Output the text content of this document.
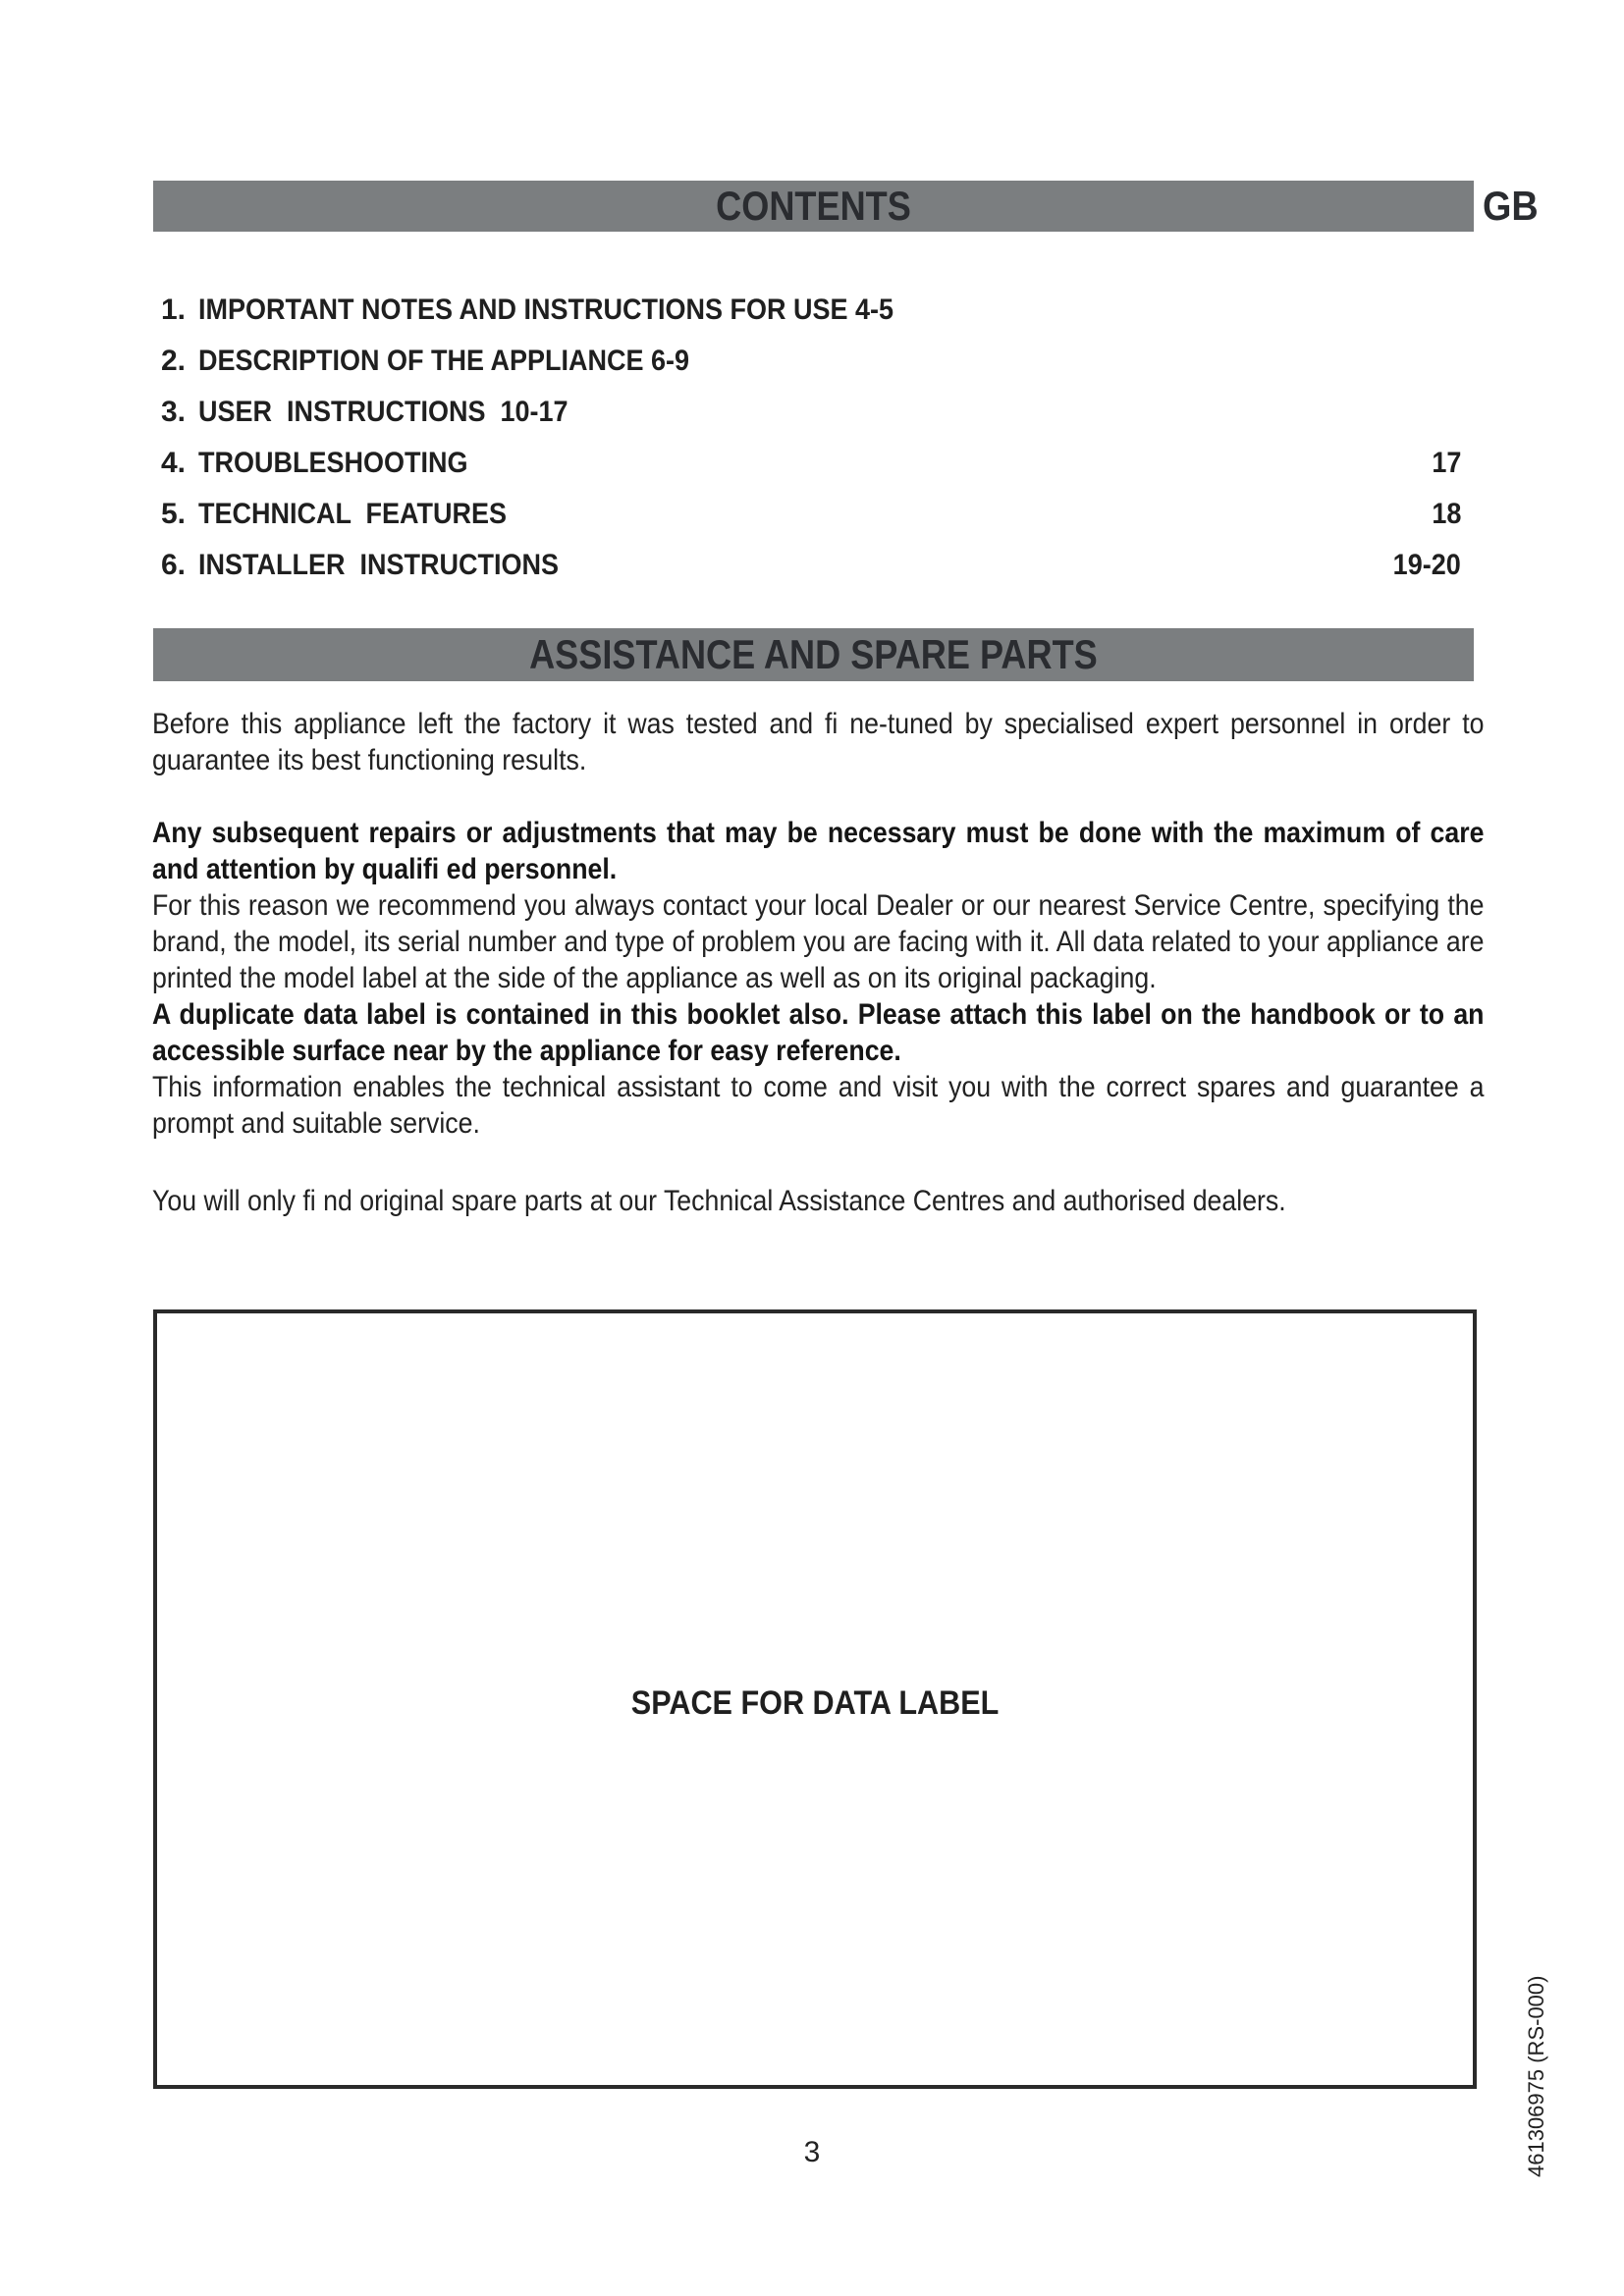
CONTENTS	GB
1. IMPORTANT NOTES AND INSTRUCTIONS FOR USE 4-5
2. DESCRIPTION OF THE APPLIANCE 6-9
3. USER  INSTRUCTIONS  10-17
4. TROUBLESHOOTING	17
5. TECHNICAL  FEATURES	18
6. INSTALLER  INSTRUCTIONS	19-20
ASSISTANCE AND SPARE PARTS

Before this appliance left the factory it was tested and fi ne-tuned by specialised expert personnel in order to guarantee its best functioning results.

Any subsequent repairs or adjustments that may be necessary must be done with the maximum of care and attention by qualifi ed personnel.

For this reason we recommend you always contact your local Dealer or our nearest Service Centre, specifying the brand, the model, its serial number and type of problem you are facing with it. All data related to your appliance are printed the model label at the side of the appliance as well as on its original packaging.

A duplicate data label is contained in this booklet also. Please attach this label on the handbook or to an accessible surface near by the appliance for easy reference.

This information enables the technical assistant to come and visit you with the correct spares and guarantee a prompt and suitable service.

You will only fi nd original spare parts at our Technical Assistance Centres and authorised dealers.

SPACE FOR DATA LABEL
3	461306975 (RS-000)
